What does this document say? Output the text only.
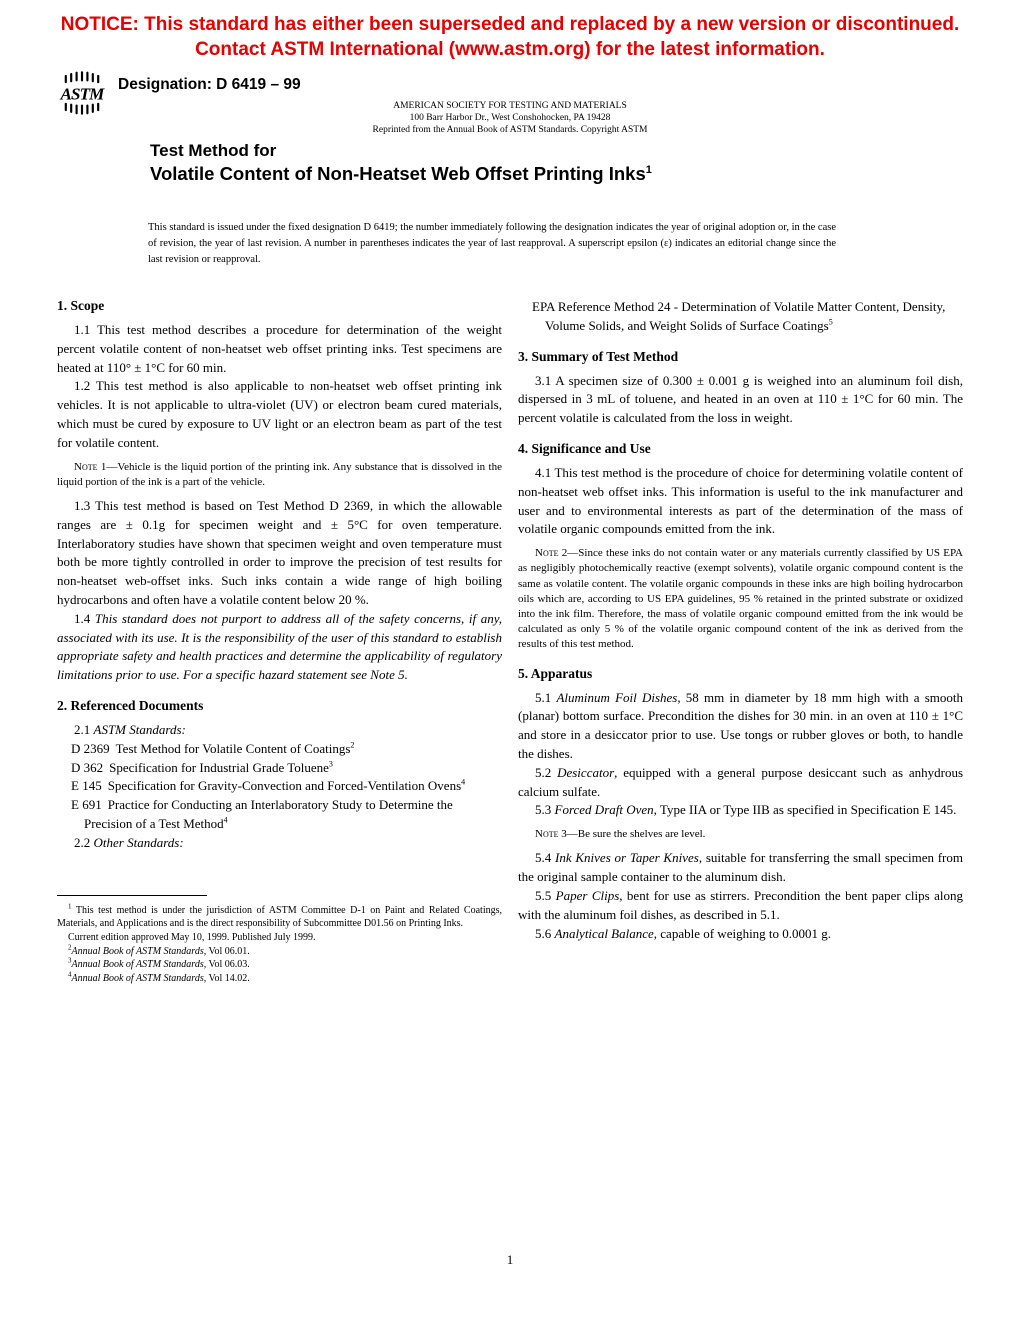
NOTICE: This standard has either been superseded and replaced by a new version or discontinued.
Contact ASTM International (www.astm.org) for the latest information.
ASTM Designation: D 6419 – 99
AMERICAN SOCIETY FOR TESTING AND MATERIALS
100 Barr Harbor Dr., West Conshohocken, PA 19428
Reprinted from the Annual Book of ASTM Standards. Copyright ASTM
Test Method for
Volatile Content of Non-Heatset Web Offset Printing Inks$^1$
This standard is issued under the fixed designation D 6419; the number immediately following the designation indicates the year of original adoption or, in the case of revision, the year of last revision. A number in parentheses indicates the year of last reapproval. A superscript epsilon (ε) indicates an editorial change since the last revision or reapproval.
1. Scope

1.1 This test method describes a procedure for determination of the weight percent volatile content of non-heatset web offset printing inks. Test specimens are heated at 110° ± 1°C for 60 min.

1.2 This test method is also applicable to non-heatset web offset printing ink vehicles. It is not applicable to ultra-violet (UV) or electron beam cured materials, which must be cured by exposure to UV light or an electron beam as part of the test for volatile content.

Note 1—Vehicle is the liquid portion of the printing ink. Any substance that is dissolved in the liquid portion of the ink is a part of the vehicle.

1.3 This test method is based on Test Method D 2369, in which the allowable ranges are ± 0.1g for specimen weight and ± 5°C for oven temperature. Interlaboratory studies have shown that specimen weight and oven temperature must both be more tightly controlled in order to improve the precision of test results for non-heatset web-offset inks. Such inks contain a wide range of high boiling hydrocarbons and often have a volatile content below 20 %.

1.4 This standard does not purport to address all of the safety concerns, if any, associated with its use. It is the responsibility of the user of this standard to establish appropriate safety and health practices and determine the applicability of regulatory limitations prior to use. For a specific hazard statement see Note 5.

2. Referenced Documents

2.1 ASTM Standards:

D 2369 Test Method for Volatile Content of Coatings$^2$

D 362 Specification for Industrial Grade Toluene$^3$

E 145 Specification for Gravity-Convection and Forced-Ventilation Ovens$^4$

E 691 Practice for Conducting an Interlaboratory Study to Determine the Precision of a Test Method$^4$

2.2 Other Standards:

$^1$ This test method is under the jurisdiction of ASTM Committee D-1 on Paint and Related Coatings, Materials, and Applications and is the direct responsibility of Subcommittee D01.56 on Printing Inks.

Current edition approved May 10, 1999. Published July 1999.

$^2$Annual Book of ASTM Standards, Vol 06.01.

$^3$Annual Book of ASTM Standards, Vol 06.03.

$^4$Annual Book of ASTM Standards, Vol 14.02.

EPA Reference Method 24 - Determination of Volatile Matter Content, Density, Volume Solids, and Weight Solids of Surface Coatings$^5$

3. Summary of Test Method

3.1 A specimen size of 0.300 ± 0.001 g is weighed into an aluminum foil dish, dispersed in 3 mL of toluene, and heated in an oven at 110 ± 1°C for 60 min. The percent volatile is calculated from the loss in weight.

4. Significance and Use

4.1 This test method is the procedure of choice for determining volatile content of non-heatset web offset inks. This information is useful to the ink manufacturer and user and to environmental interests as part of the determination of the mass of volatile organic compounds emitted from the ink.

Note 2—Since these inks do not contain water or any materials currently classified by US EPA as negligibly photochemically reactive (exempt solvents), volatile organic compound content is the same as volatile content. The volatile organic compounds in these inks are high boiling hydrocarbon oils which are, according to US EPA guidelines, 95 % retained in the printed substrate or oxidized into the ink film. Therefore, the mass of volatile organic compound emitted from the ink would be calculated as only 5 % of the volatile organic compound content of the ink as derived from the results of this test method.

5. Apparatus

5.1 Aluminum Foil Dishes, 58 mm in diameter by 18 mm high with a smooth (planar) bottom surface. Precondition the dishes for 30 min. in an oven at 110 ± 1°C and store in a desiccator prior to use. Use tongs or rubber gloves or both, to handle the dishes.

5.2 Desiccator, equipped with a general purpose desiccant such as anhydrous calcium sulfate.

5.3 Forced Draft Oven, Type IIA or Type IIB as specified in Specification E 145.

Note 3—Be sure the shelves are level.

5.4 Ink Knives or Taper Knives, suitable for transferring the small specimen from the original sample container to the aluminum dish.

5.5 Paper Clips, bent for use as stirrers. Precondition the bent paper clips along with the aluminum foil dishes, as described in 5.1.

5.6 Analytical Balance, capable of weighing to 0.0001 g.

1
